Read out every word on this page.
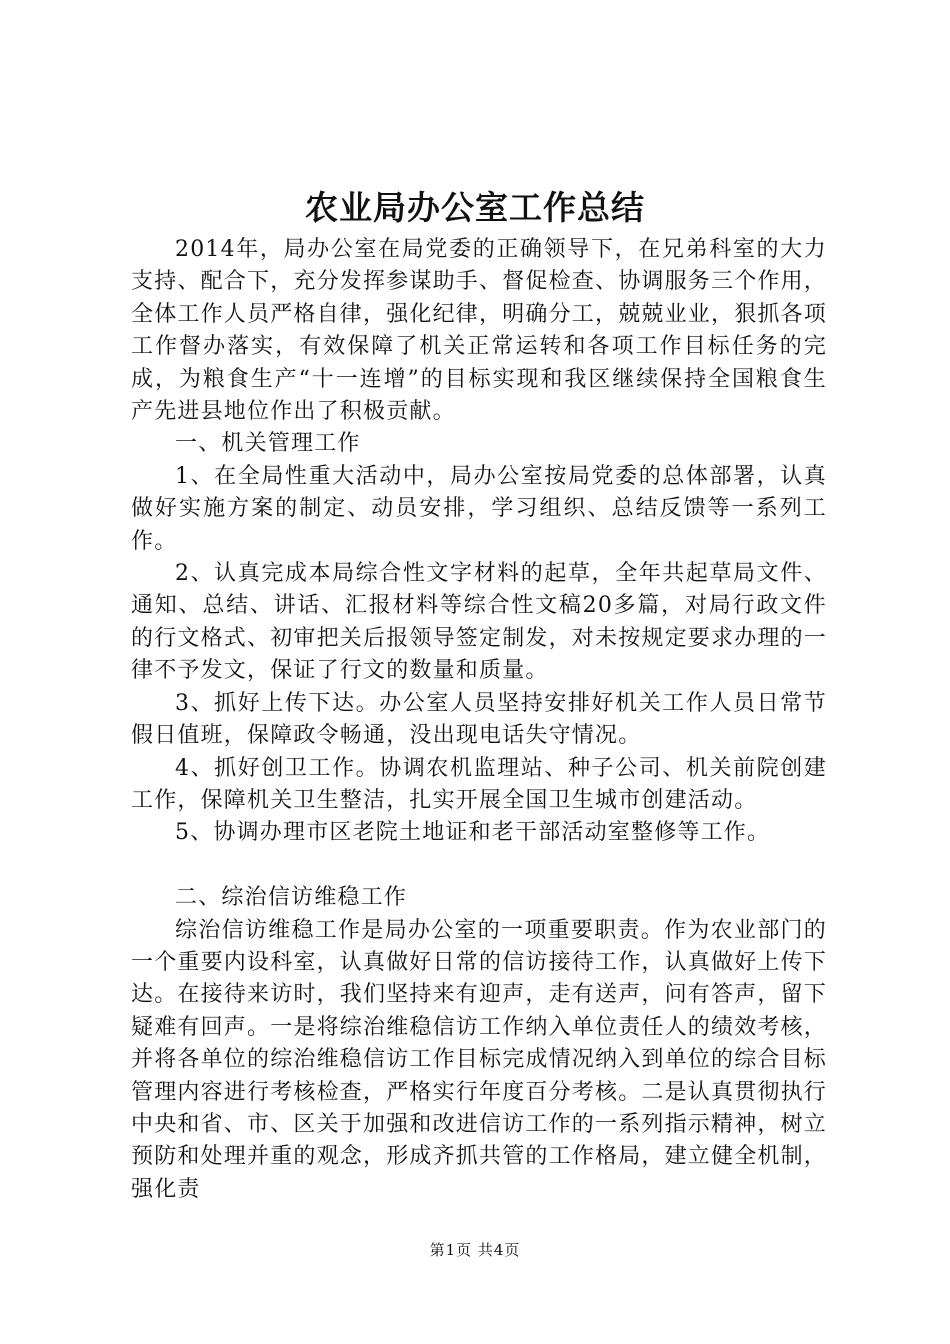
农业局办公室工作总结

2014年，局办公室在局党委的正确领导下，在兄弟科室的大力支持、配合下，充分发挥参谋助手、督促检查、协调服务三个作用，全体工作人员严格自律，强化纪律，明确分工，兢兢业业，狠抓各项工作督办落实，有效保障了机关正常运转和各项工作目标任务的完成，为粮食生产“十一连增”的目标实现和我区继续保持全国粮食生产先进县地位作出了积极贡献。

一、机关管理工作

1、在全局性重大活动中，局办公室按局党委的总体部署，认真做好实施方案的制定、动员安排，学习组织、总结反馈等一系列工作。

2、认真完成本局综合性文字材料的起草，全年共起草局文件、通知、总结、讲话、汇报材料等综合性文稿20多篇，对局行政文件的行文格式、初审把关后报领导签定制发，对未按规定要求办理的一律不予发文，保证了行文的数量和质量。

3、抓好上传下达。办公室人员坚持安排好机关工作人员日常节假日值班，保障政令畅通，没出现电话失守情况。

4、抓好创卫工作。协调农机监理站、种子公司、机关前院创建工作，保障机关卫生整洁，扎实开展全国卫生城市创建活动。

5、协调办理市区老院土地证和老干部活动室整修等工作。

二、综治信访维稳工作

综治信访维稳工作是局办公室的一项重要职责。作为农业部门的一个重要内设科室，认真做好日常的信访接待工作，认真做好上传下达。在接待来访时，我们坚持来有迎声，走有送声，问有答声，留下疑难有回声。一是将综治维稳信访工作纳入单位责任人的绩效考核，并将各单位的综治维稳信访工作目标完成情况纳入到单位的综合目标管理内容进行考核检查，严格实行年度百分考核。二是认真贯彻执行中央和省、市、区关于加强和改进信访工作的一系列指示精神，树立预防和处理并重的观念，形成齐抓共管的工作格局，建立健全机制，强化责

第1页 共4页
